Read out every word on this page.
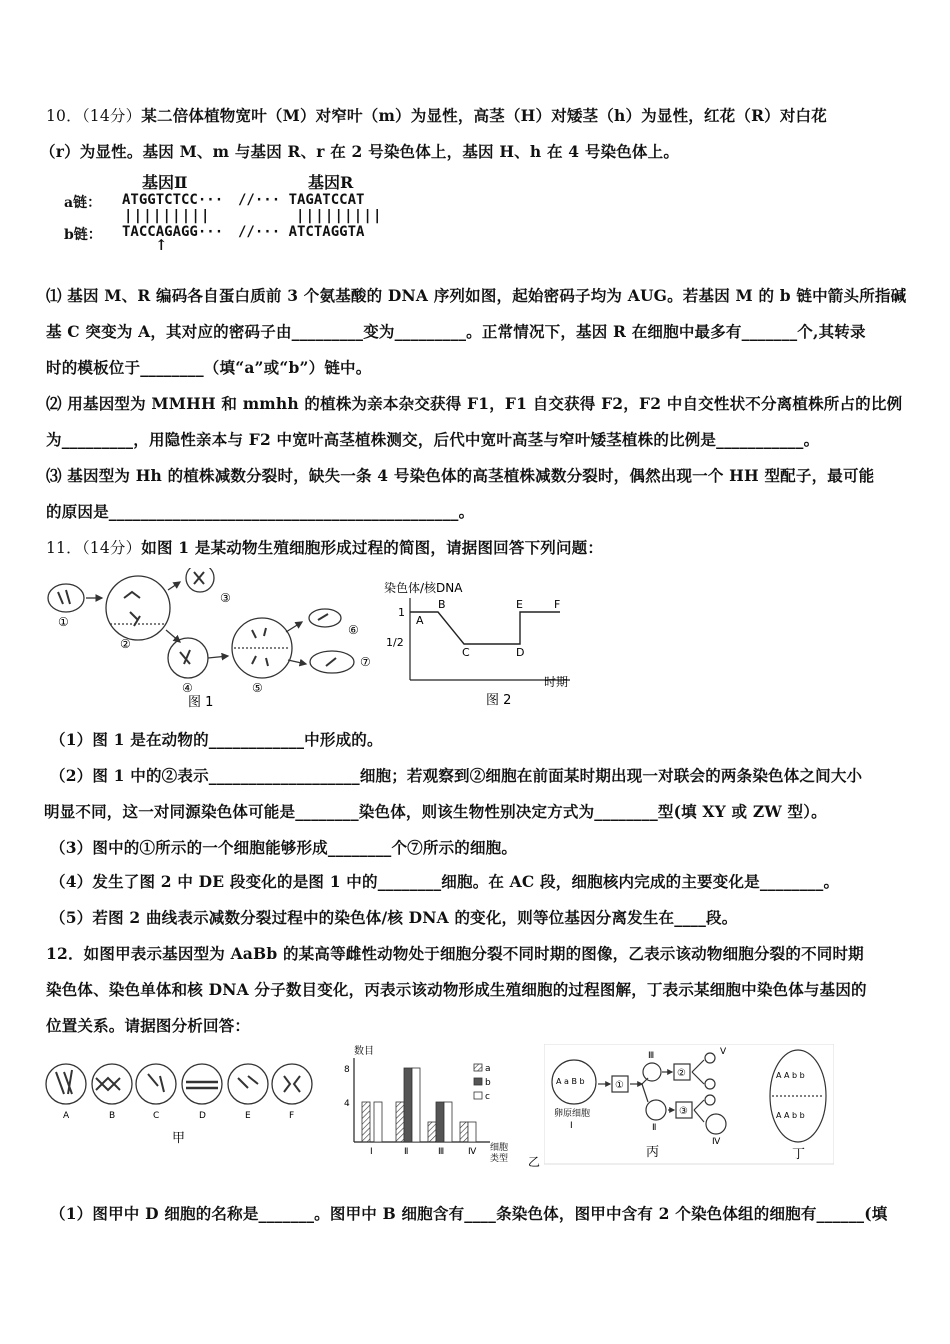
10．（14分）某二倍体植物宽叶（M）对窄叶（m）为显性，高茎（H）对矮茎（h）为显性，红花（R）对白花
（r）为显性。基因 M、m 与基因 R、r 在 2 号染色体上，基因 H、h 在 4 号染色体上。
基因Ⅱ	基因R
a链： ATGGTCTCC··· //··· TAGATCCAT
|||||||||	|||||||||
b链： TACCAGAGG··· //··· ATCTAGGTA
↑
⑴ 基因 M、R 编码各自蛋白质前 3 个氨基酸的 DNA 序列如图，起始密码子均为 AUG。若基因 M 的 b 链中箭头所指碱
基 C 突变为 A，其对应的密码子由_________变为_________。正常情况下，基因 R 在细胞中最多有_______个,其转录
时的模板位于________（填“a”或“b”）链中。
⑵ 用基因型为 MMHH 和 mmhh 的植株为亲本杂交获得 F1，F1 自交获得 F2，F2 中自交性状不分离植株所占的比例
为_________，用隐性亲本与 F2 中宽叶高茎植株测交，后代中宽叶高茎与窄叶矮茎植株的比例是___________。
⑶ 基因型为 Hh 的植株减数分裂时，缺失一条 4 号染色体的高茎植株减数分裂时，偶然出现一个 HH 型配子，最可能
的原因是____________________________________________。
11．（14分）如图 1 是某动物生殖细胞形成过程的简图，请据图回答下列问题：
①
②
③
④	⑤
⑥
⑦
图 1
染色体/核DNA
1
1/2
A
B
C	D
E	F
时期
图 2
（1）图 1 是在动物的____________中形成的。
（2）图 1 中的②表示___________________细胞；若观察到②细胞在前面某时期出现一对联会的两条染色体之间大小
明显不同，这一对同源染色体可能是________染色体，则该生物性别决定方式为________型(填 XY 或 ZW 型）。
（3）图中的①所示的一个细胞能够形成________个⑦所示的细胞。
（4）发生了图 2 中 DE 段变化的是图 1 中的________细胞。在 AC 段，细胞核内完成的主要变化是________。
（5）若图 2 曲线表示减数分裂过程中的染色体/核 DNA 的变化，则等位基因分离发生在____段。
12．如图甲表示基因型为 AaBb 的某高等雌性动物处于细胞分裂不同时期的图像，乙表示该动物细胞分裂的不同时期
染色体、染色单体和核 DNA 分子数目变化，丙表示该动物形成生殖细胞的过程图解，丁表示某细胞中染色体与基因的
位置关系。请据图分析回答：
A	B	C	D	E	F
甲
数目
8
4
a
b
c
Ⅰ	Ⅱ	Ⅲ	Ⅳ 细胞
类型 乙
A a B b
卵原细胞
Ⅰ
①
②
③
Ⅱ
Ⅲ
Ⅳ
Ⅴ
丙
A A b b
A A b b
丁
（1）图甲中 D 细胞的名称是_______。图甲中 B 细胞含有____条染色体，图甲中含有 2 个染色体组的细胞有______(填
